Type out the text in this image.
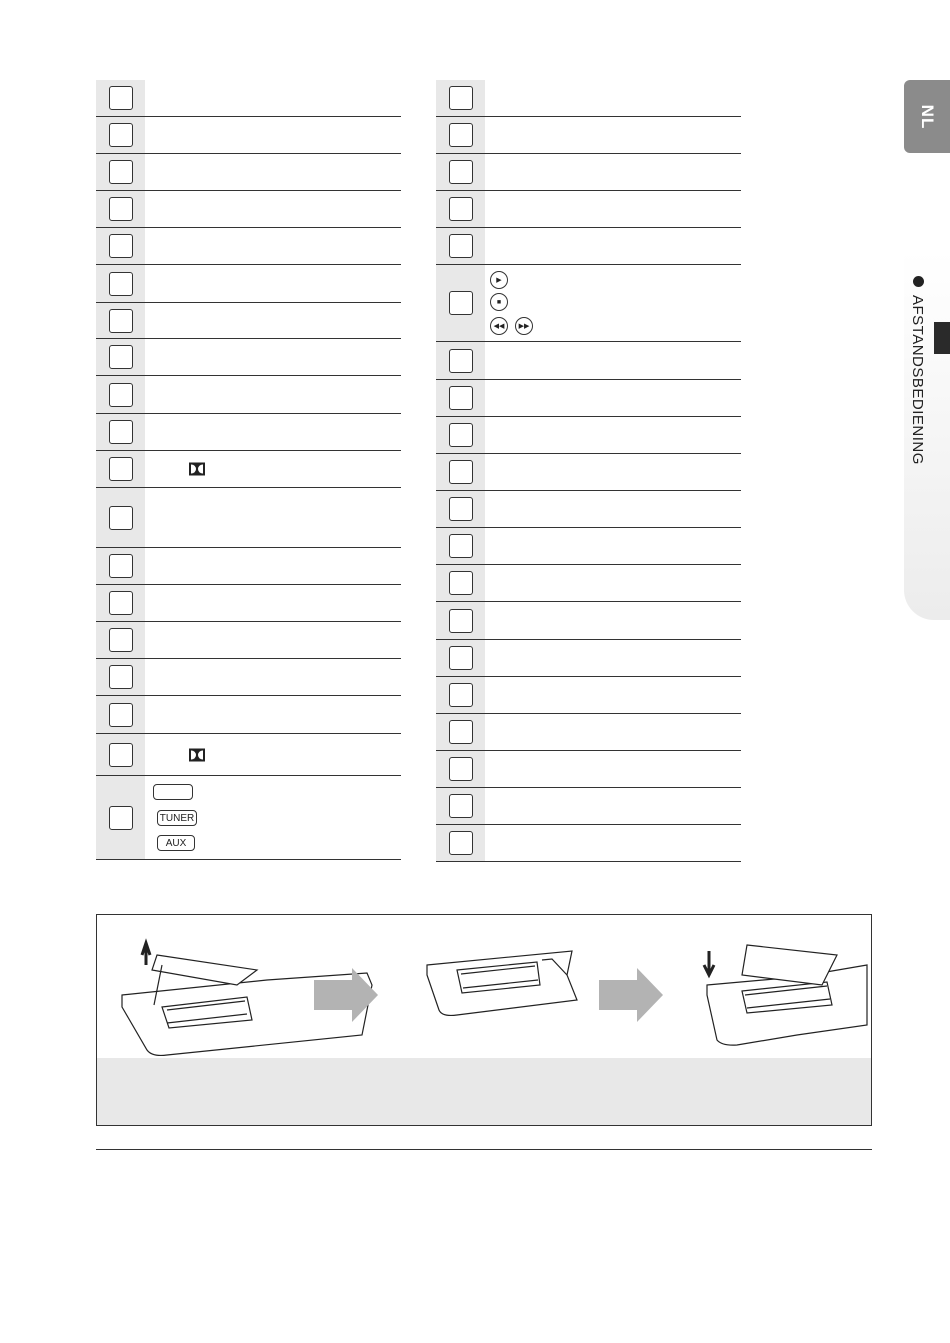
TUNER
AUX
▶
■
◀◀	▶▶
NL
AFSTANDSBEDIENING
